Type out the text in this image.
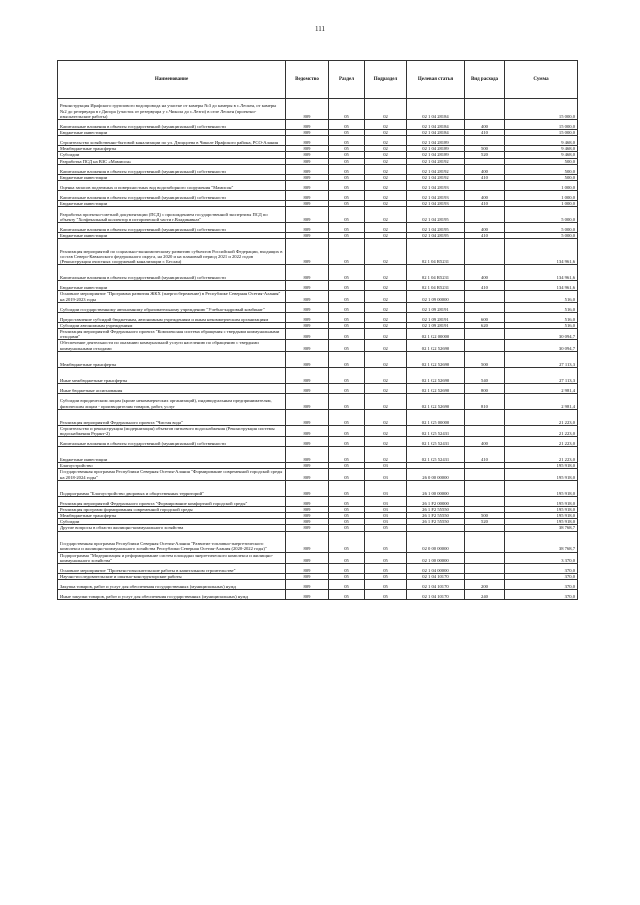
111
Наименование	Ведомство	Раздел	Подраздел	Целевая статья	Вид расхода	Сумма
Реконструкция Ирафского группового водопровода на участке от камеры №3 до камеры в с.Лескен, от камеры №2 до резервуара в г.Дигора (участок от резервуара у с.Чикола до с.Лезги) в селе Лескен (проектно-изыскательские работы)	809	05	02	02 1 04 28184		15 000,0
Капитальные вложения в объекты государственной (муниципальной) собственности	809	05	02	02 1 04 28184	400	15 000,0
Бюджетные инвестиции	809	05	02	02 1 04 28184	410	15 000,0
Строительство хозяйственно-бытовой канализации по ул. Дзиццоева в Чиколе Ирафского района, РСО-Алания	809	05	02	02 1 04 28189		9 468,0
Межбюджетные трансферты	809	05	02	02 1 04 28189	500	9 468,0
Субсидии	809	05	02	02 1 04 28189	520	9 468,0
Разработка ПСД на ВЗС «Мамисон»	809	05	02	02 1 04 28192		500,0
Капитальные вложения в объекты государственной (муниципальной) собственности	809	05	02	02 1 04 28192	400	500,0
Бюджетные инвестиции	809	05	02	02 1 04 28192	410	500,0
Оценка запасов подземных и поверхностных вод водозаборного сооружения "Мамисон"	809	05	02	02 1 04 28193		1 000,0
Капитальные вложения в объекты государственной (муниципальной) собственности	809	05	02	02 1 04 28193	400	1 000,0
Бюджетные инвестиции	809	05	02	02 1 04 28193	410	1 000,0
Разработка проектно-сметной документации (ПСД) с прохождением государственной экспертизы ПСД по объекту "Хозфекальный коллектор в исторической части г.Владикавказ"	809	05	02	02 1 04 28195		5 000,0
Капитальные вложения в объекты государственной (муниципальной) собственности	809	05	02	02 1 04 28195	400	5 000,0
Бюджетные инвестиции	809	05	02	02 1 04 28195	410	5 000,0
Реализация мероприятий по социально-экономическому развитию субъектов Российской Федерации, входящих в состав Северо-Кавказского федерального округа, на 2020 и на плановый период 2021 и 2022 годов (Реконструкция очистных сооружений канализации г. Беслан)	809	05	02	02 1 04 R5231		134 961,6
Капитальные вложения в объекты государственной (муниципальной) собственности	809	05	02	02 1 04 R5231	400	134 961,6
Бюджетные инвестиции	809	05	02	02 1 04 R5231	410	134 961,6
Основное мероприятие "Программа развития ЖКХ (энергосбережение) в Республике Северная Осетия-Алания" на 2019-2023 годы	809	05	02	02 1 09 00000		516,0
Субсидии государственному автономному образовательному учреждению "Учебно-кадровый комбинат"	809	05	02	02 1 09 28191		516,0
Предоставление субсидий бюджетным, автономным учреждениям и иным некоммерческим организациям	809	05	02	02 1 09 28191	600	516,0
Субсидии автономным учреждениям	809	05	02	02 1 09 28191	620	516,0
Реализация мероприятий Федерального проекта "Комплексная система обращения с твердыми коммунальными отходами"	809	05	02	02 1 G2 00000		30 094,7
Обеспечение деятельности по оказанию коммунальной услуги населению по обращению с твердыми коммунальными отходами	809	05	02	02 1 G2 52690		30 094,7
Межбюджетные трансферты	809	05	02	02 1 G2 52690	500	27 113,3
Иные межбюджетные трансферты	809	05	02	02 1 G2 52690	540	27 113,3
Иные бюджетные ассигнования	809	05	02	02 1 G2 52690	800	2 981,4
Субсидии юридическим лицам (кроме некоммерческих организаций), индивидуальным предпринимателям, физическим лицам - производителям товаров, работ, услуг	809	05	02	02 1 G2 52690	810	2 981,4
Реализация мероприятий Федерального проекта "Чистая вода"	809	05	02	02 1 G5 00000		21 223,0
Строительство и реконструкция (модернизация) объектов питьевого водоснабжения (Реконструкция системы водоснабжения Редант-2)	809	05	02	02 1 G5 52431		21 223,0
Капитальные вложения в объекты государственной (муниципальной) собственности	809	05	02	02 1 G5 52431	400	21 223,0
Бюджетные инвестиции	809	05	02	02 1 G5 52431	410	21 223,0
Благоустройство	809	05	03			195 918,0
Государственная программа Республики Северная Осетия-Алания "Формирование современной городской среды на 2018-2024 годы"	809	05	03	26 0 00 00000		195 918,0
Подпрограмма "Благоустройство дворовых и общественных территорий"	809	05	03	26 1 00 00000		195 918,0
Реализация мероприятий Федерального проекта "Формирование комфортной городской среды"	809	05	03	26 1 F2 00000		195 918,0
Реализация программ формирования современной городской среды	809	05	03	26 1 F2 55550		195 918,0
Межбюджетные трансферты	809	05	03	26 1 F2 55550	500	195 918,0
Субсидии	809	05	03	26 1 F2 55550	520	195 918,0
Другие вопросы в области жилищно-коммунального хозяйства	809	05	05			38 768,7
Государственная программа Республики Северная Осетия-Алания "Развитие топливно-энергетического комплекса и жилищно-коммунального хозяйства Республики Северная Осетия-Алания (2020-2022 годы)"	809	05	05	02 0 00 00000		38 768,7
Подпрограмма "Модернизация и реформирование систем площадки энергетического комплекса и жилищно-коммунального хозяйства"	809	05	05	02 1 00 00000		3 370,0
Основное мероприятие "Проектно-изыскательские работы в капитальном строительстве"	809	05	05	02 1 04 00000		370,0
Научно-исследовательские и опытно-конструкторские работы	809	05	05	02 1 04 10170		370,0
Закупка товаров, работ и услуг для обеспечения государственных (муниципальных) нужд	809	05	05	02 1 04 10170	200	370,0
Иные закупки товаров, работ и услуг для обеспечения государственных (муниципальных) нужд	809	05	05	02 1 04 10170	240	370,0
